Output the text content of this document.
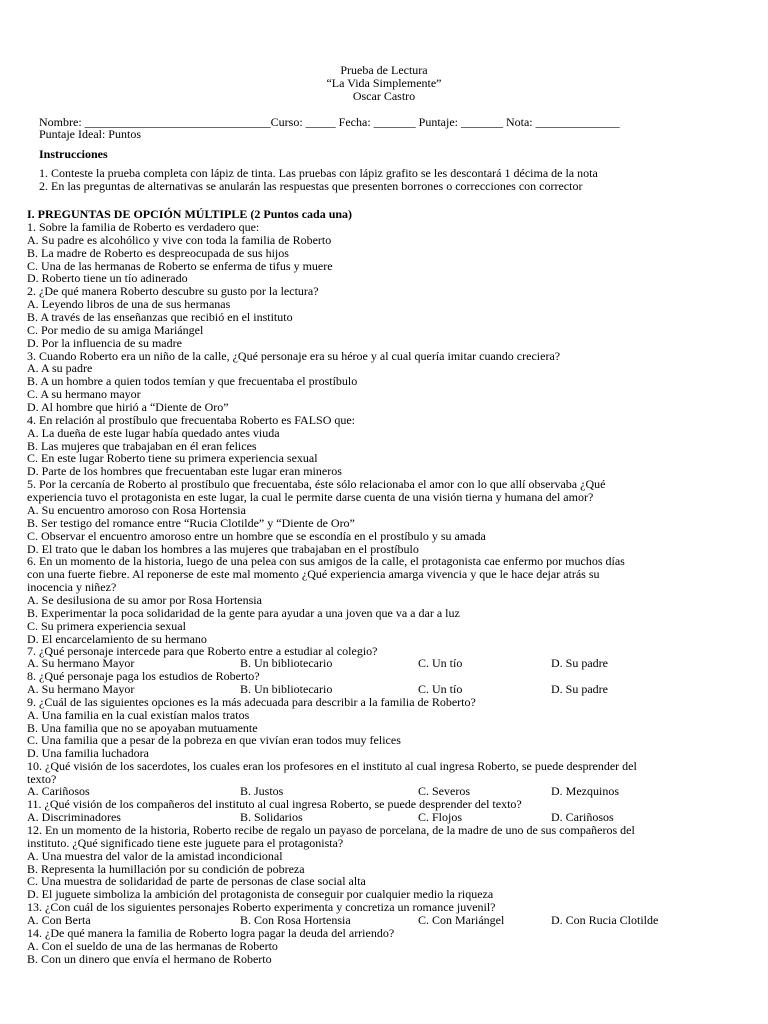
Prueba de Lectura
“La Vida Simplemente”
Oscar Castro
Nombre: _______________________________Curso: _____ Fecha: _______ Puntaje: _______ Nota: ______________
Puntaje Ideal: Puntos
Instrucciones
1. Conteste la prueba completa con lápiz de tinta. Las pruebas con lápiz grafito se les descontará 1 décima de la nota
2. En las preguntas de alternativas se anularán las respuestas que presenten borrones o correcciones con corrector
I. PREGUNTAS DE OPCIÓN MÚLTIPLE (2 Puntos cada una)
1. Sobre la familia de Roberto es verdadero que:
A. Su padre es alcohólico y vive con toda la familia de Roberto
B. La madre de Roberto es despreocupada de sus hijos
C. Una de las hermanas de Roberto se enferma de tifus y muere
D. Roberto tiene un tío adinerado
2. ¿De qué manera Roberto descubre su gusto por la lectura?
A. Leyendo libros de una de sus hermanas
B. A través de las enseñanzas que recibió en el instituto
C. Por medio de su amiga Mariángel
D. Por la influencia de su madre
3. Cuando Roberto era un niño de la calle, ¿Qué personaje era su héroe y al cual quería imitar cuando creciera?
A. A su padre
B. A un hombre a quien todos temían y que frecuentaba el prostíbulo
C. A su hermano mayor
D. Al hombre que hirió a “Diente de Oro”
4. En relación al prostíbulo que frecuentaba Roberto es FALSO que:
A. La dueña de este lugar había quedado antes viuda
B. Las mujeres que trabajaban en él eran felices
C. En este lugar Roberto tiene su primera experiencia sexual
D. Parte de los hombres que frecuentaban este lugar eran mineros
5. Por la cercanía de Roberto al prostíbulo que frecuentaba, éste sólo relacionaba el amor con lo que allí observaba ¿Qué
experiencia tuvo el protagonista en este lugar, la cual le permite darse cuenta de una visión tierna y humana del amor?
A. Su encuentro amoroso con Rosa Hortensia
B. Ser testigo del romance entre “Rucia Clotilde” y “Diente de Oro”
C. Observar el encuentro amoroso entre un hombre que se escondía en el prostíbulo y su amada
D. El trato que le daban los hombres a las mujeres que trabajaban en el prostíbulo
6. En un momento de la historia, luego de una pelea con sus amigos de la calle, el protagonista cae enfermo por muchos días
con una fuerte fiebre. Al reponerse de este mal momento ¿Qué experiencia amarga vivencia y que le hace dejar atrás su
inocencia y niñez?
A. Se desilusiona de su amor por Rosa Hortensia
B. Experimentar la poca solidaridad de la gente para ayudar a una joven que va a dar a luz
C. Su primera experiencia sexual
D. El encarcelamiento de su hermano
7. ¿Qué personaje intercede para que Roberto entre a estudiar al colegio?
A. Su hermano Mayor	B. Un bibliotecario	C. Un tío	D. Su padre
8. ¿Qué personaje paga los estudios de Roberto?
A. Su hermano Mayor	B. Un bibliotecario	C. Un tío	D. Su padre
9. ¿Cuál de las siguientes opciones es la más adecuada para describir a la familia de Roberto?
A. Una familia en la cual existían malos tratos
B. Una familia que no se apoyaban mutuamente
C. Una familia que a pesar de la pobreza en que vivían eran todos muy felices
D. Una familia luchadora
10. ¿Qué visión de los sacerdotes, los cuales eran los profesores en el instituto al cual ingresa Roberto, se puede desprender del
texto?
A. Cariñosos	B. Justos	C. Severos	D. Mezquinos
11. ¿Qué visión de los compañeros del instituto al cual ingresa Roberto, se puede desprender del texto?
A. Discriminadores	B. Solidarios	C. Flojos	D. Cariñosos
12. En un momento de la historia, Roberto recibe de regalo un payaso de porcelana, de la madre de uno de sus compañeros del
instituto. ¿Qué significado tiene este juguete para el protagonista?
A. Una muestra del valor de la amistad incondicional
B. Representa la humillación por su condición de pobreza
C. Una muestra de solidaridad de parte de personas de clase social alta
D. El juguete simboliza la ambición del protagonista de conseguir por cualquier medio la riqueza
13. ¿Con cuál de los siguientes personajes Roberto experimenta y concretiza un romance juvenil?
A. Con Berta	B. Con Rosa Hortensia	C. Con Mariángel	D. Con Rucia Clotilde
14. ¿De qué manera la familia de Roberto logra pagar la deuda del arriendo?
A. Con el sueldo de una de las hermanas de Roberto
B. Con un dinero que envía el hermano de Roberto
